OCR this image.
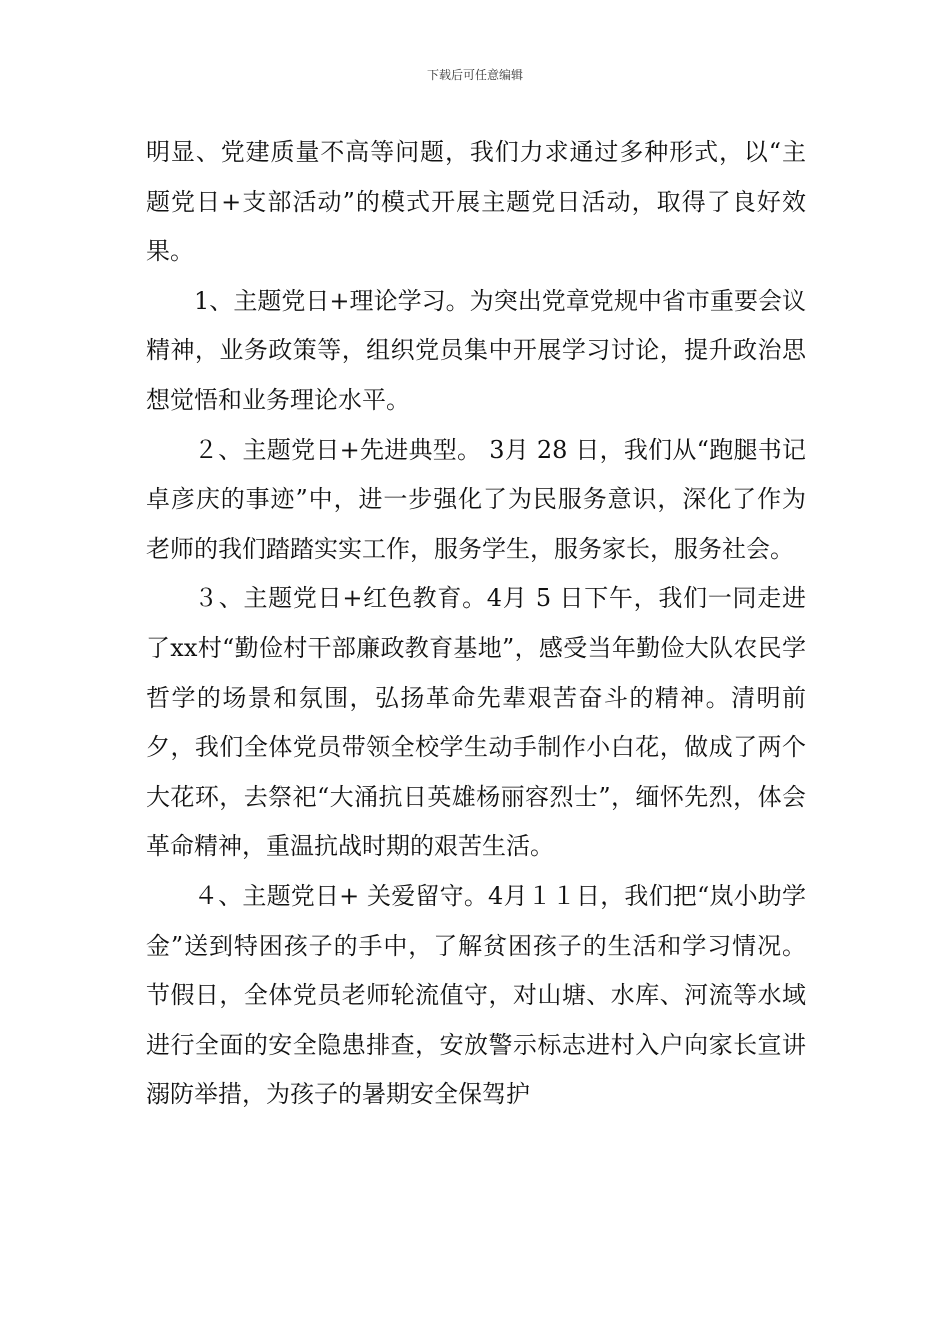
下载后可任意编辑

明显、党建质量不高等问题，我们力求通过多种形式，以“主题党日+支部活动”的模式开展主题党日活动，取得了良好效果。

1、主题党日+理论学习。为突出党章党规中省市重要会议精神，业务政策等，组织党员集中开展学习讨论，提升政治思想觉悟和业务理论水平。

２、主题党日+先进典型。 3月 28 日，我们从“跑腿书记卓彦庆的事迹”中，进一步强化了为民服务意识，深化了作为老师的我们踏踏实实工作，服务学生，服务家长，服务社会。

３、主题党日+红色教育。4月 5 日下午，我们一同走进了xx村“勤俭村干部廉政教育基地”，感受当年勤俭大队农民学哲学的场景和氛围，弘扬革命先辈艰苦奋斗的精神。清明前夕，我们全体党员带领全校学生动手制作小白花，做成了两个大花环，去祭祀“大涌抗日英雄杨丽容烈士”，缅怀先烈，体会革命精神，重温抗战时期的艰苦生活。

４、主题党日+ 关爱留守。4月１１日，我们把“岚小助学金”送到特困孩子的手中，了解贫困孩子的生活和学习情况。节假日，全体党员老师轮流值守，对山塘、水库、河流等水域进行全面的安全隐患排查，安放警示标志进村入户向家长宣讲溺防举措，为孩子的暑期安全保驾护
